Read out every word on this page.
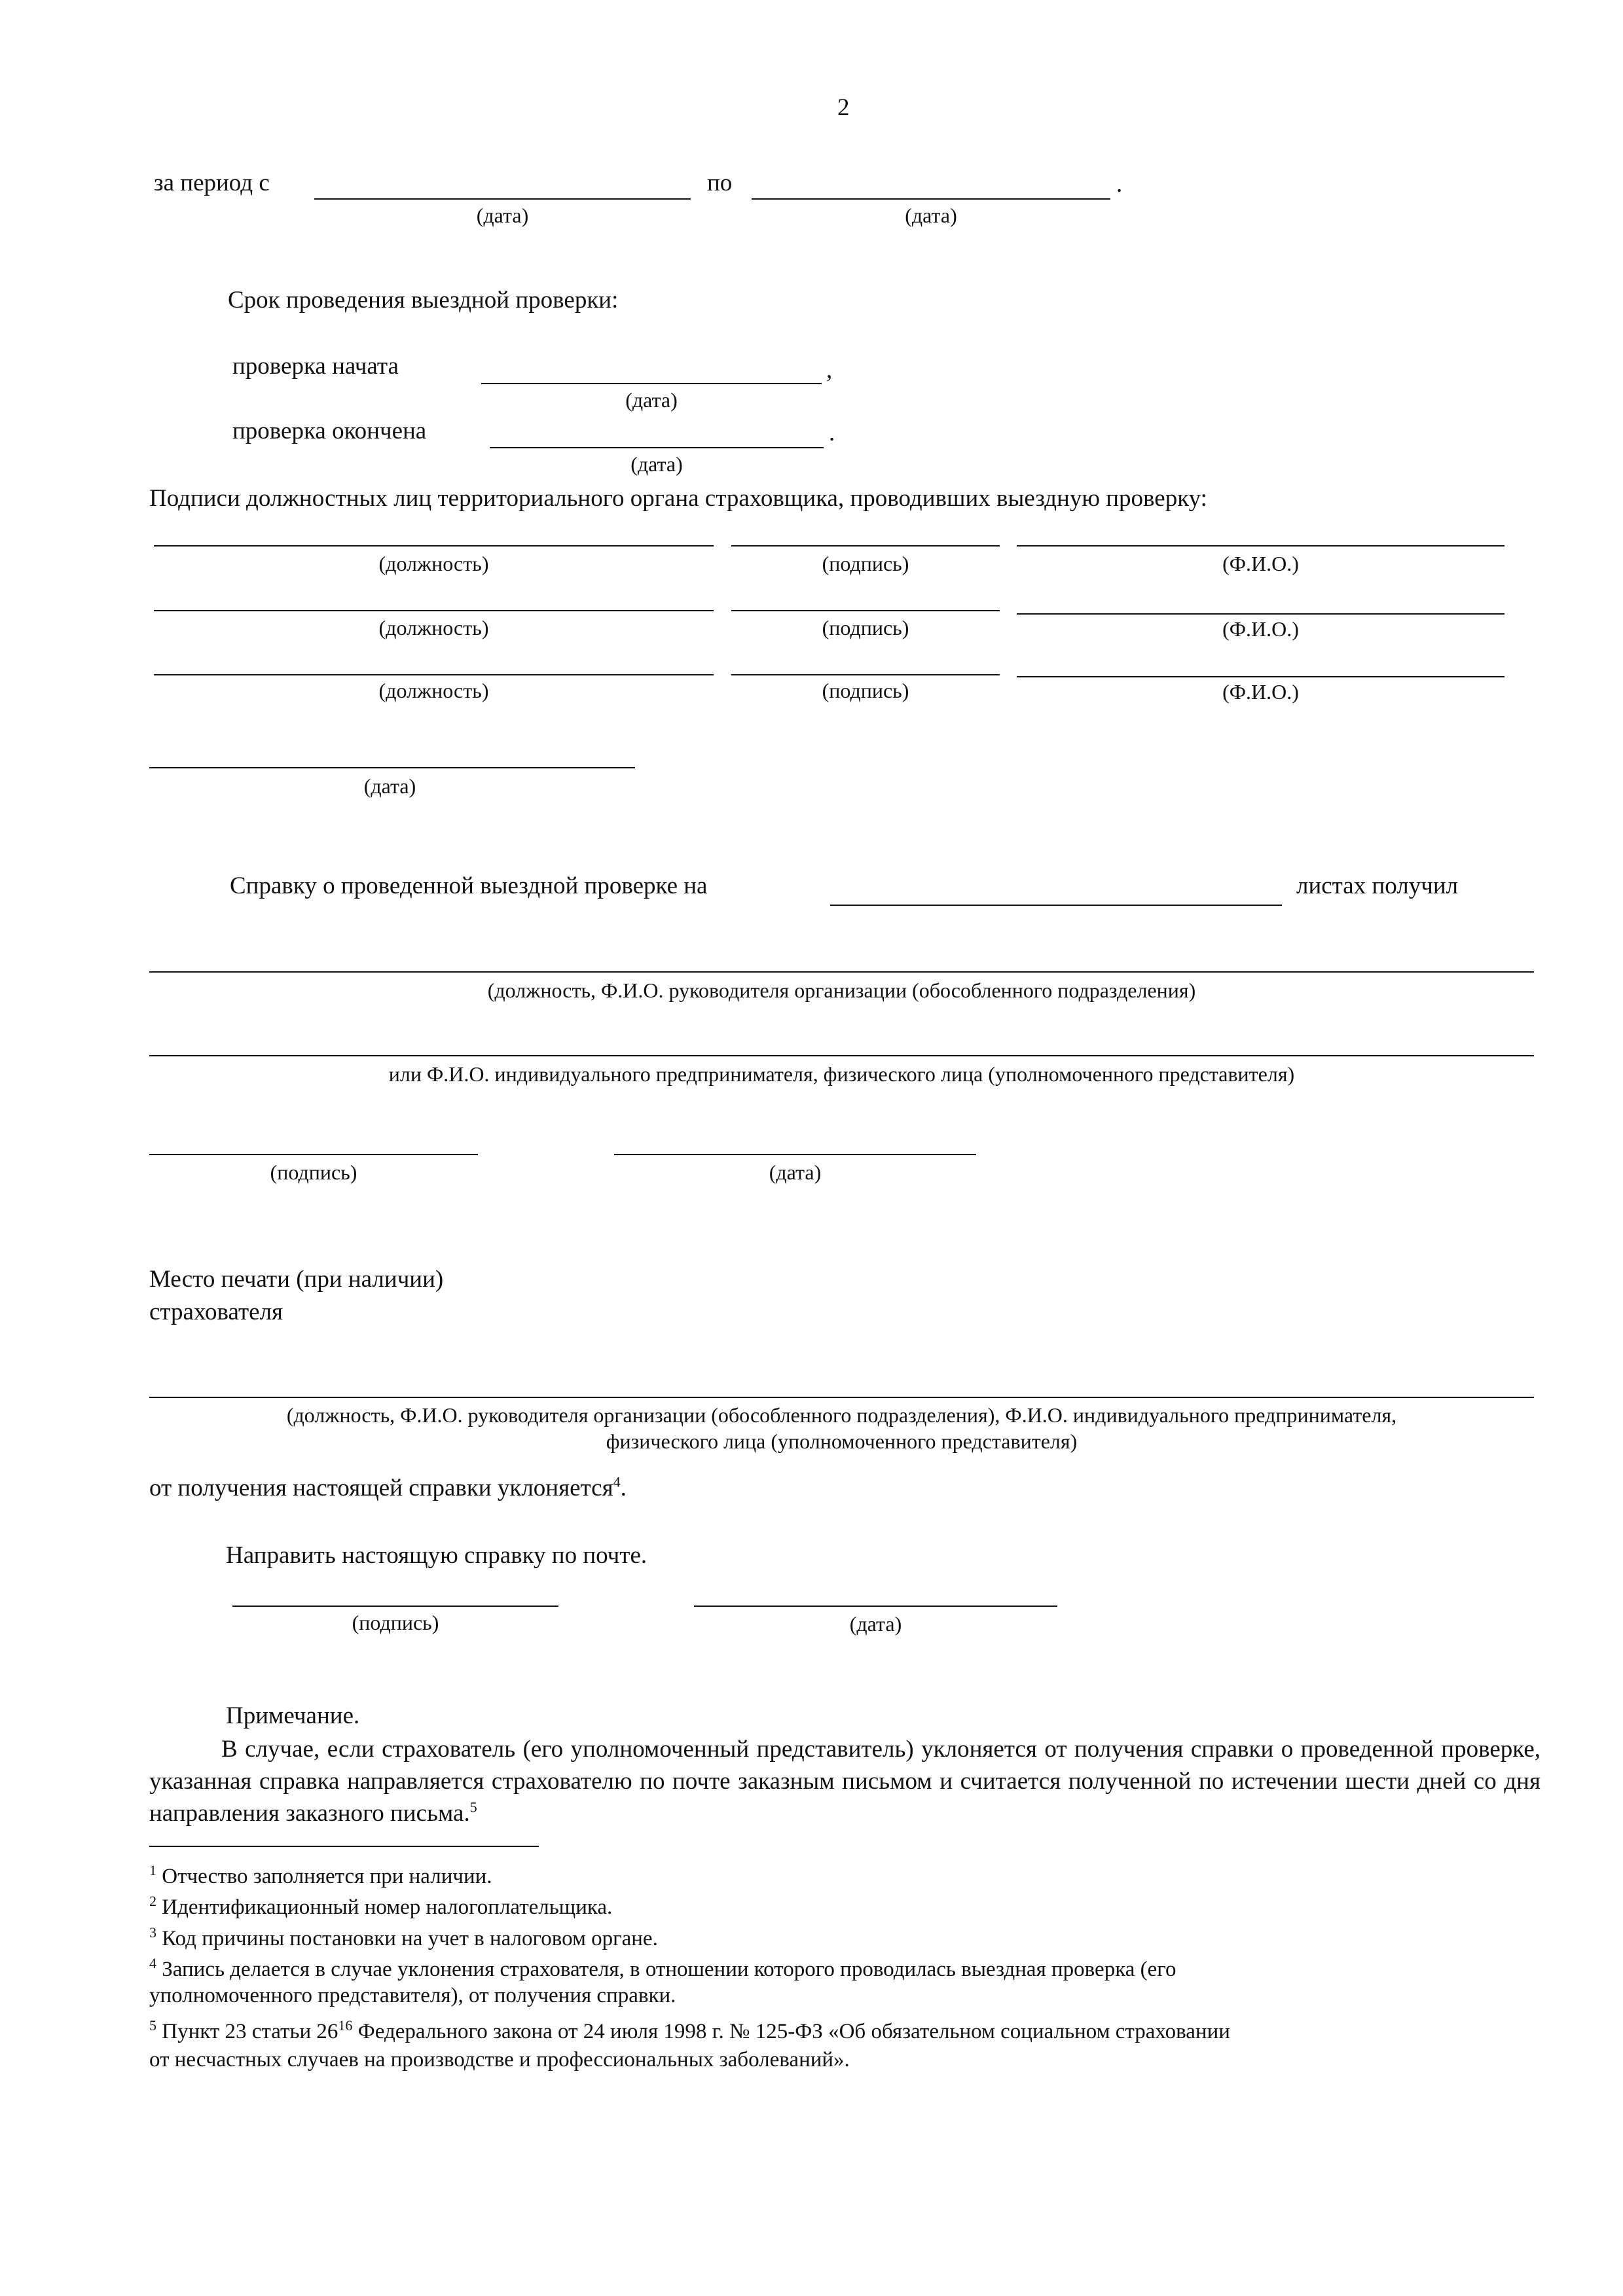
2
за период с
(дата)
по	.
(дата)
Срок проведения выездной проверки:
проверка начата	,
(дата)
проверка окончена	.
(дата)
Подписи должностных лиц территориального органа страховщика, проводивших выездную проверку:
(должность)	(подпись)	(Ф.И.О.)
(должность)	(подпись)	(Ф.И.О.)
(должность)	(подпись)	(Ф.И.О.)
(дата)
Справку о проведенной выездной проверке на	листах получил
(должность, Ф.И.О. руководителя организации (обособленного подразделения)
или Ф.И.О. индивидуального предпринимателя, физического лица (уполномоченного представителя)
(подпись)	(дата)
Место печати (при наличии)
страхователя
(должность, Ф.И.О. руководителя организации (обособленного подразделения), Ф.И.О. индивидуального предпринимателя,
физического лица (уполномоченного представителя)
от получения настоящей справки уклоняется$^4$.
Направить настоящую справку по почте.
(подпись)	(дата)
Примечание.
В случае, если страхователь (его уполномоченный представитель) уклоняется от получения справки о проведенной проверке, указанная справка направляется страхователю по почте заказным письмом и считается полученной по истечении шести дней со дня направления заказного письма.$^5$
$^1$ Отчество заполняется при наличии.
$^2$ Идентификационный номер налогоплательщика.
$^3$ Код причины постановки на учет в налоговом органе.
$^4$ Запись делается в случае уклонения страхователя, в отношении которого проводилась выездная проверка (его
уполномоченного представителя), от получения справки.
$^5$ Пункт 23 статьи $26^{16}$ Федерального закона от 24 июля 1998 г. № 125-ФЗ «Об обязательном социальном страховании
от несчастных случаев на производстве и профессиональных заболеваний».
